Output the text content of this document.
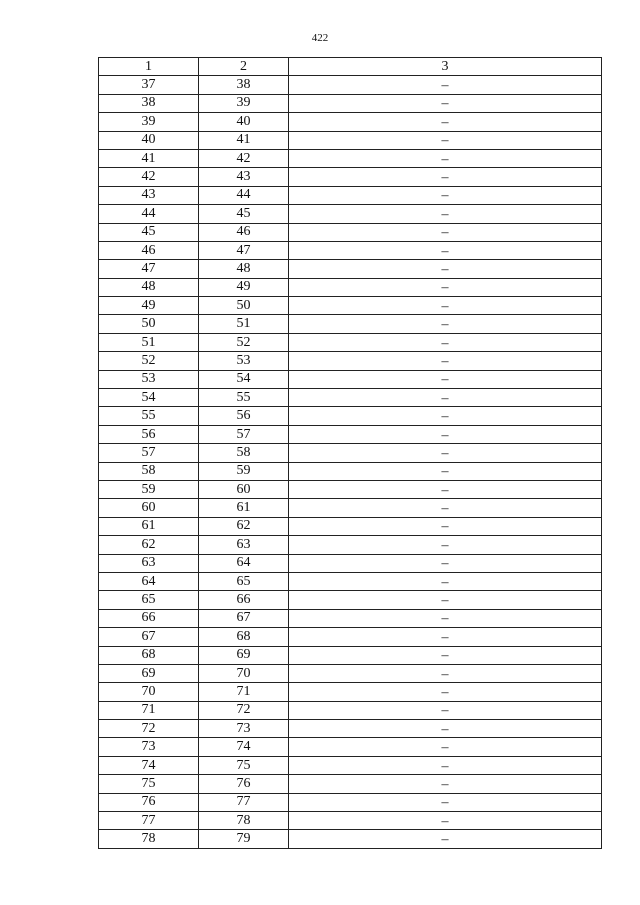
422
1	2	3
37	38	–
38	39	–
39	40	–
40	41	–
41	42	–
42	43	–
43	44	–
44	45	–
45	46	–
46	47	–
47	48	–
48	49	–
49	50	–
50	51	–
51	52	–
52	53	–
53	54	–
54	55	–
55	56	–
56	57	–
57	58	–
58	59	–
59	60	–
60	61	–
61	62	–
62	63	–
63	64	–
64	65	–
65	66	–
66	67	–
67	68	–
68	69	–
69	70	–
70	71	–
71	72	–
72	73	–
73	74	–
74	75	–
75	76	–
76	77	–
77	78	–
78	79	–
